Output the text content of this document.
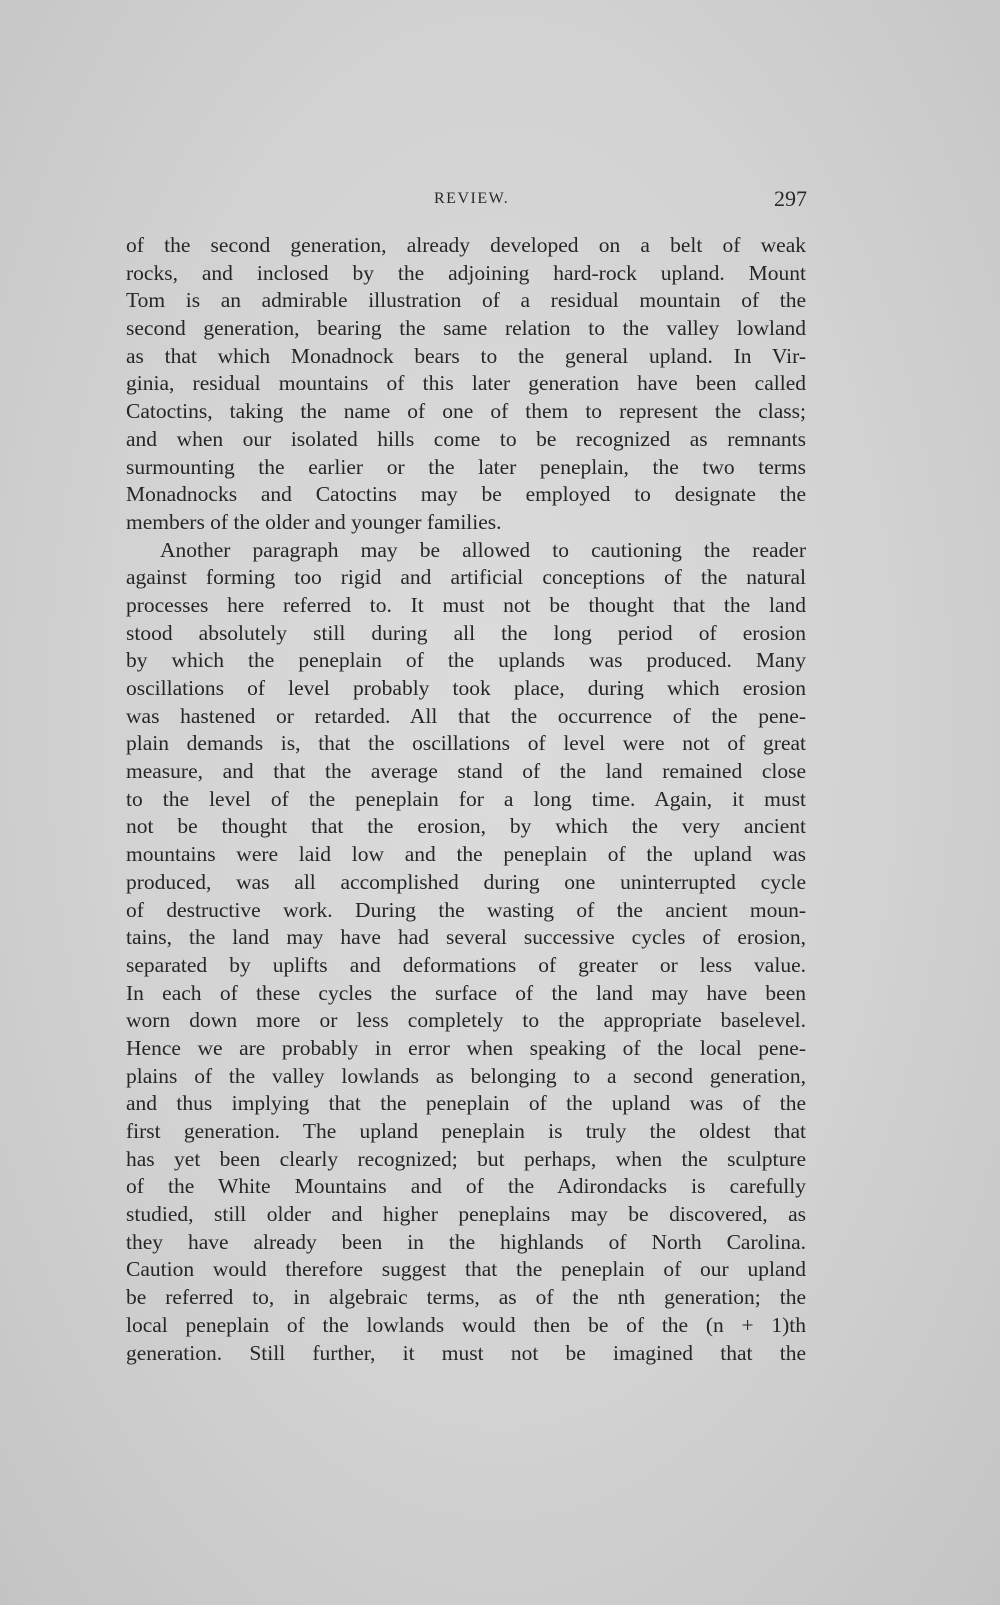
REVIEW.	297
of the second generation, already developed on a belt of weak
rocks, and inclosed by the adjoining hard-rock upland. Mount
Tom is an admirable illustration of a residual mountain of the
second generation, bearing the same relation to the valley lowland
as that which Monadnock bears to the general upland. In Vir-
ginia, residual mountains of this later generation have been called
Catoctins, taking the name of one of them to represent the class;
and when our isolated hills come to be recognized as remnants
surmounting the earlier or the later peneplain, the two terms
Monadnocks and Catoctins may be employed to designate the
members of the older and younger families.
Another paragraph may be allowed to cautioning the reader
against forming too rigid and artificial conceptions of the natural
processes here referred to. It must not be thought that the land
stood absolutely still during all the long period of erosion
by which the peneplain of the uplands was produced. Many
oscillations of level probably took place, during which erosion
was hastened or retarded. All that the occurrence of the pene-
plain demands is, that the oscillations of level were not of great
measure, and that the average stand of the land remained close
to the level of the peneplain for a long time. Again, it must
not be thought that the erosion, by which the very ancient
mountains were laid low and the peneplain of the upland was
produced, was all accomplished during one uninterrupted cycle
of destructive work. During the wasting of the ancient moun-
tains, the land may have had several successive cycles of erosion,
separated by uplifts and deformations of greater or less value.
In each of these cycles the surface of the land may have been
worn down more or less completely to the appropriate baselevel.
Hence we are probably in error when speaking of the local pene-
plains of the valley lowlands as belonging to a second generation,
and thus implying that the peneplain of the upland was of the
first generation. The upland peneplain is truly the oldest that
has yet been clearly recognized; but perhaps, when the sculpture
of the White Mountains and of the Adirondacks is carefully
studied, still older and higher peneplains may be discovered, as
they have already been in the highlands of North Carolina.
Caution would therefore suggest that the peneplain of our upland
be referred to, in algebraic terms, as of the nth generation; the
local peneplain of the lowlands would then be of the (n + 1)th
generation. Still further, it must not be imagined that the
